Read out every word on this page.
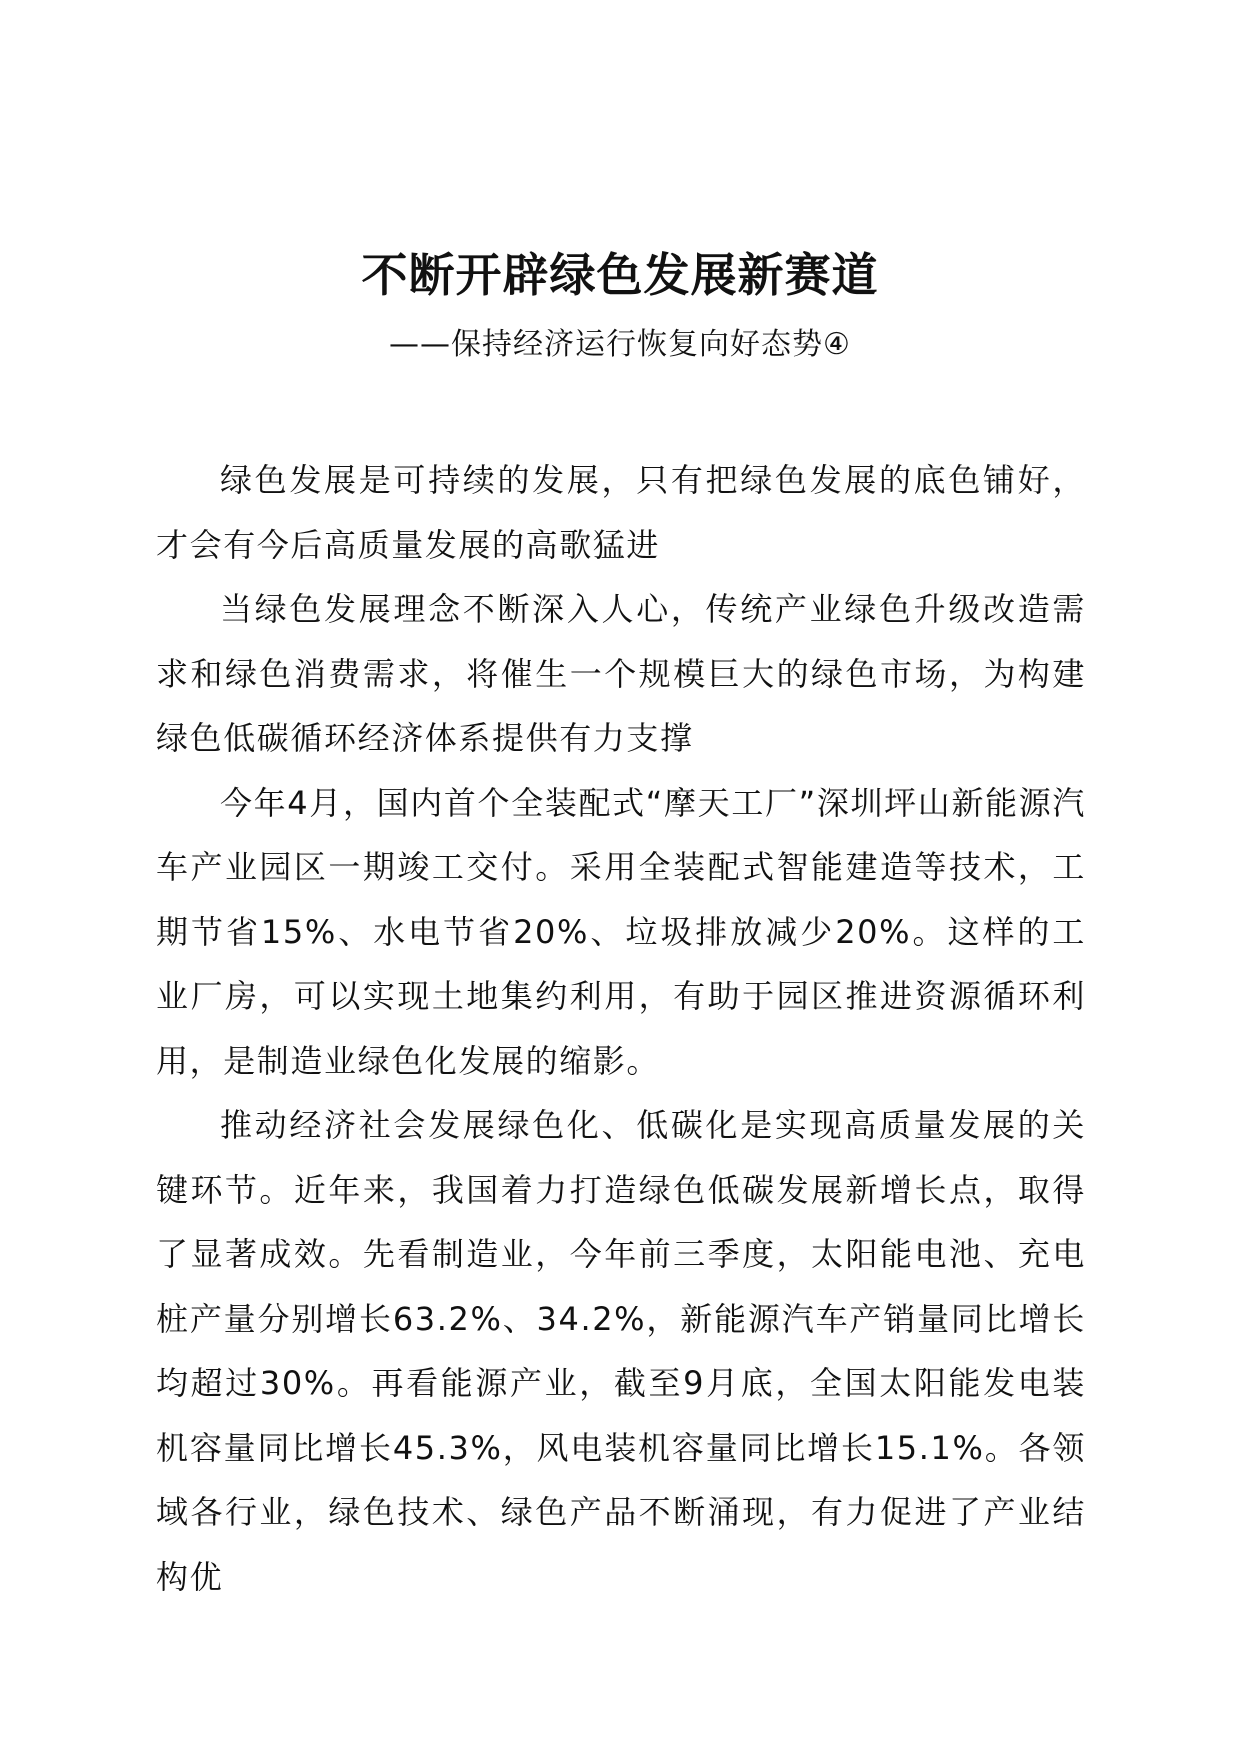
不断开辟绿色发展新赛道
——保持经济运行恢复向好态势④

绿色发展是可持续的发展，只有把绿色发展的底色铺好，才会有今后高质量发展的高歌猛进

当绿色发展理念不断深入人心，传统产业绿色升级改造需求和绿色消费需求，将催生一个规模巨大的绿色市场，为构建绿色低碳循环经济体系提供有力支撑

今年4月，国内首个全装配式“摩天工厂”深圳坪山新能源汽车产业园区一期竣工交付。采用全装配式智能建造等技术，工期节省15%、水电节省20%、垃圾排放减少20%。这样的工业厂房，可以实现土地集约利用，有助于园区推进资源循环利用，是制造业绿色化发展的缩影。

推动经济社会发展绿色化、低碳化是实现高质量发展的关键环节。近年来，我国着力打造绿色低碳发展新增长点，取得了显著成效。先看制造业，今年前三季度，太阳能电池、充电桩产量分别增长63.2%、34.2%，新能源汽车产销量同比增长均超过30%。再看能源产业，截至9月底，全国太阳能发电装机容量同比增长45.3%，风电装机容量同比增长15.1%。各领域各行业，绿色技术、绿色产品不断涌现，有力促进了产业结构优
